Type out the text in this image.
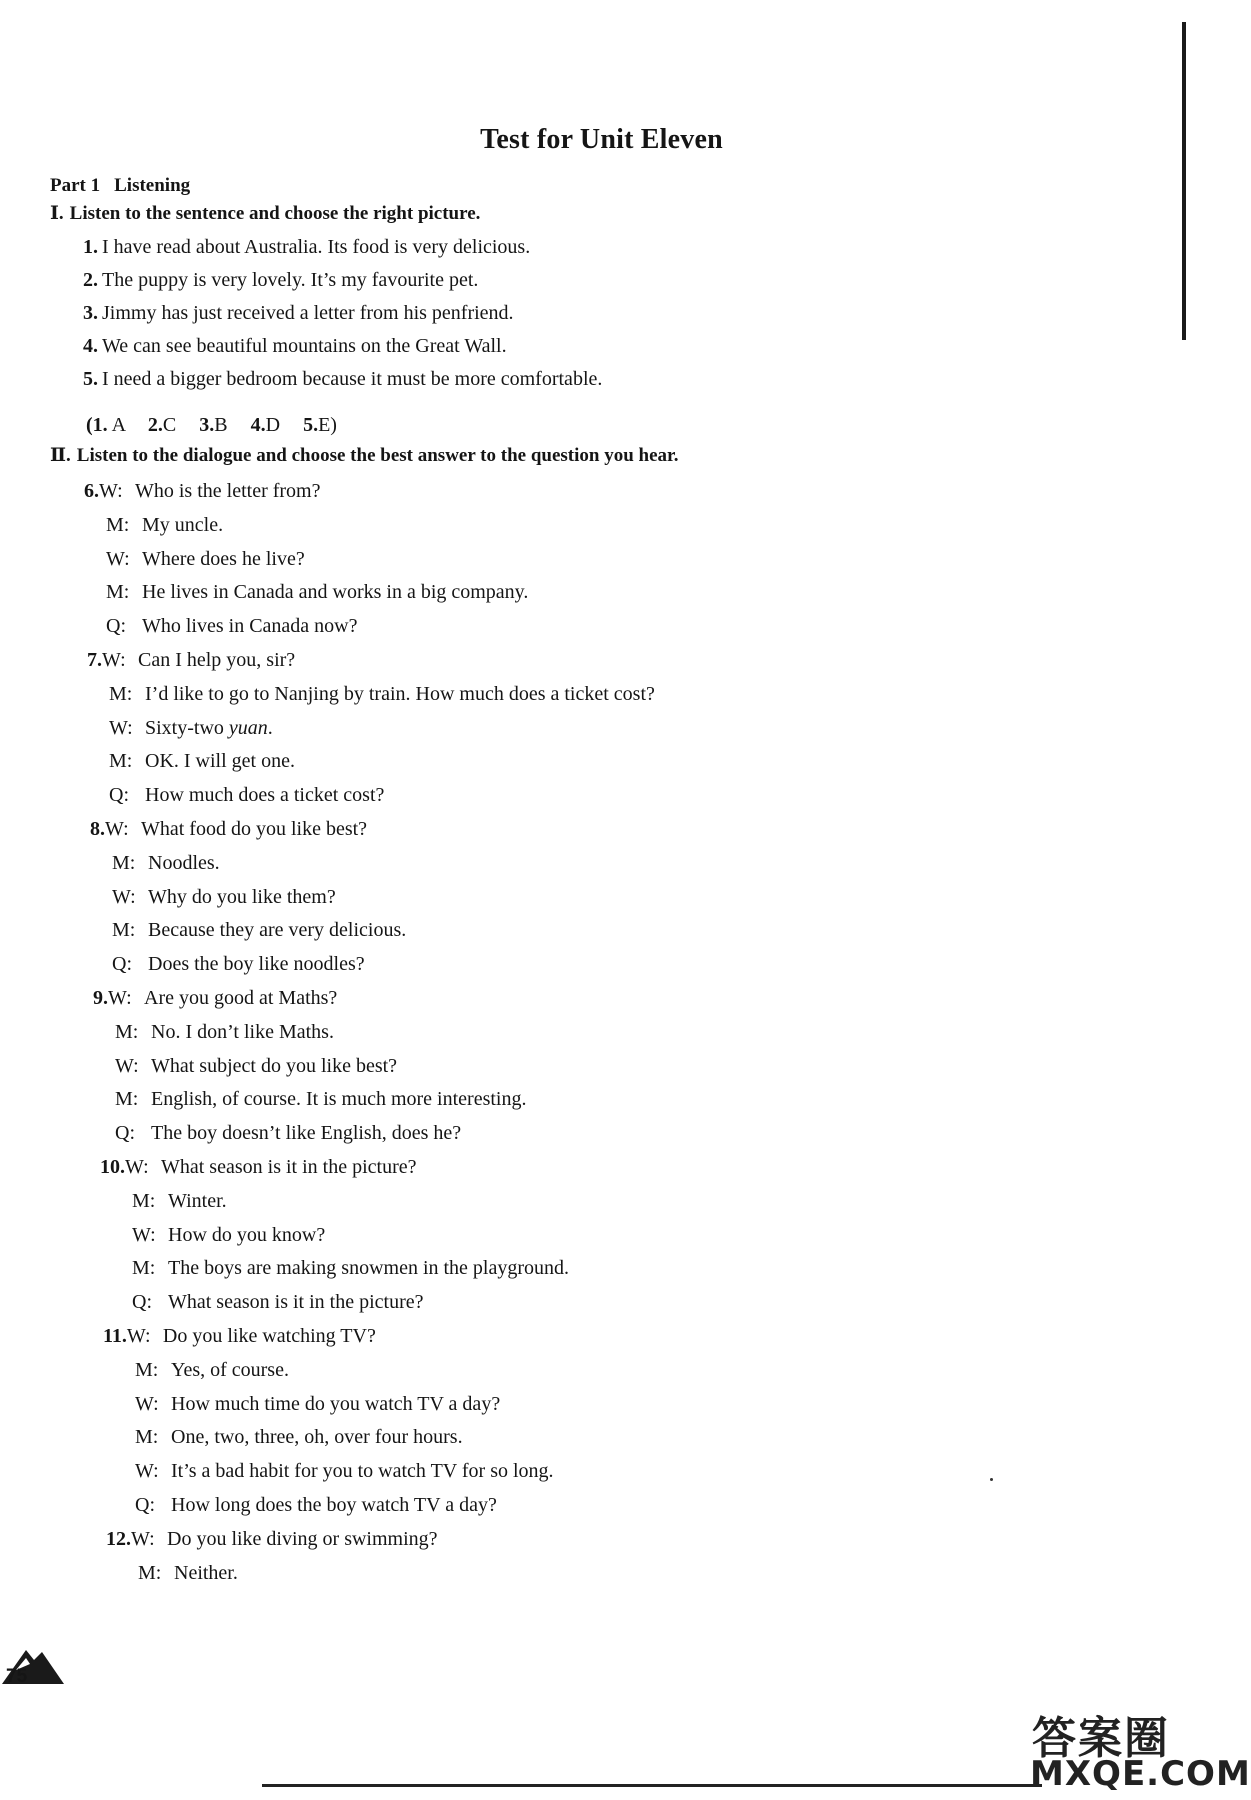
Test for Unit Eleven
Part 1 Listening
Ⅰ. Listen to the sentence and choose the right picture.
1. I have read about Australia. Its food is very delicious.
2. The puppy is very lovely. It’s my favourite pet.
3. Jimmy has just received a letter from his penfriend.
4. We can see beautiful mountains on the Great Wall.
5. I need a bigger bedroom because it must be more comfortable.
(1. A 2.C 3.B 4.D 5.E)
Ⅱ. Listen to the dialogue and choose the best answer to the question you hear.
6.W: Who is the letter from?
M: My uncle.
W: Where does he live?
M: He lives in Canada and works in a big company.
Q: Who lives in Canada now?
7.W: Can I help you, sir?
M: I’d like to go to Nanjing by train. How much does a ticket cost?
W: Sixty-two yuan.
M: OK. I will get one.
Q: How much does a ticket cost?
8.W: What food do you like best?
M: Noodles.
W: Why do you like them?
M: Because they are very delicious.
Q: Does the boy like noodles?
9.W: Are you good at Maths?
M: No. I don’t like Maths.
W: What subject do you like best?
M: English, of course. It is much more interesting.
Q: The boy doesn’t like English, does he?
10.W: What season is it in the picture?
M: Winter.
W: How do you know?
M: The boys are making snowmen in the playground.
Q: What season is it in the picture?
11.W: Do you like watching TV?
M: Yes, of course.
W: How much time do you watch TV a day?
M: One, two, three, oh, over four hours.
W: It’s a bad habit for you to watch TV for so long.
Q: How long does the boy watch TV a day?
12.W: Do you like diving or swimming?
M: Neither.
75
答案圈
MXQE.COM
